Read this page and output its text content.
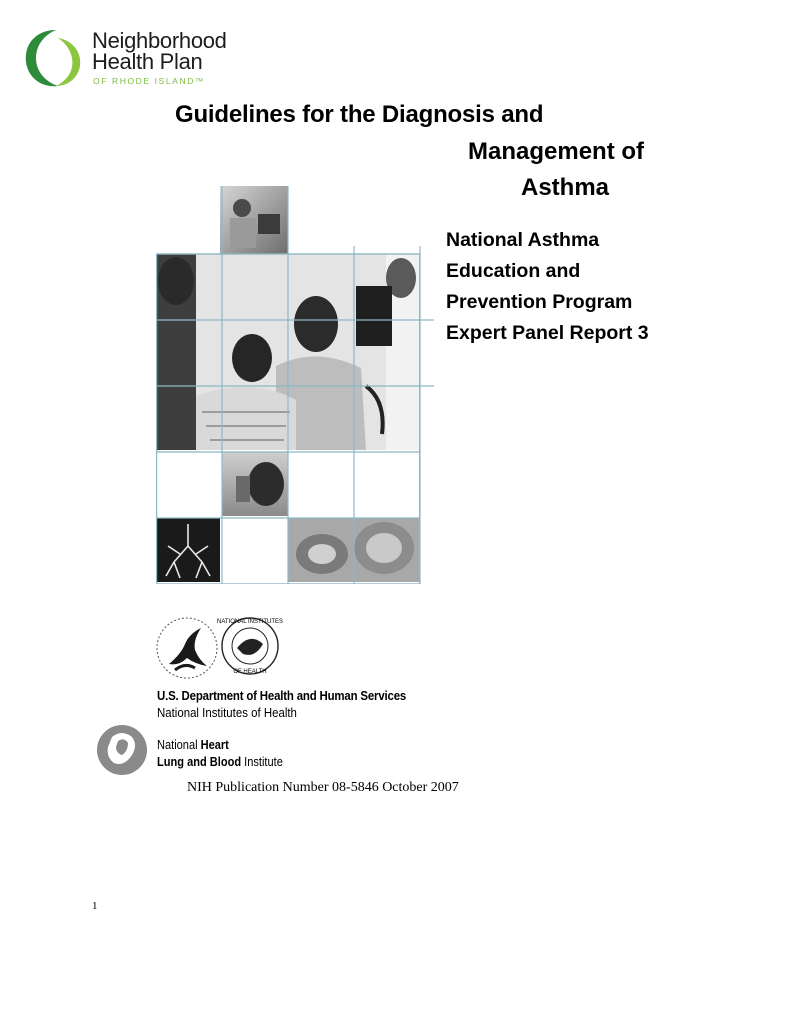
Neighborhood
Health Plan
OF RHODE ISLAND™
Guidelines for the Diagnosis and
Management of
Asthma
National Asthma
Education and
Prevention Program
Expert Panel Report 3
NATIONAL INSTITUTES
OF HEALTH
U.S. Department of Health and Human Services
National Institutes of Health
National Heart
Lung and Blood Institute
NIH Publication Number 08-5846 October 2007
1
